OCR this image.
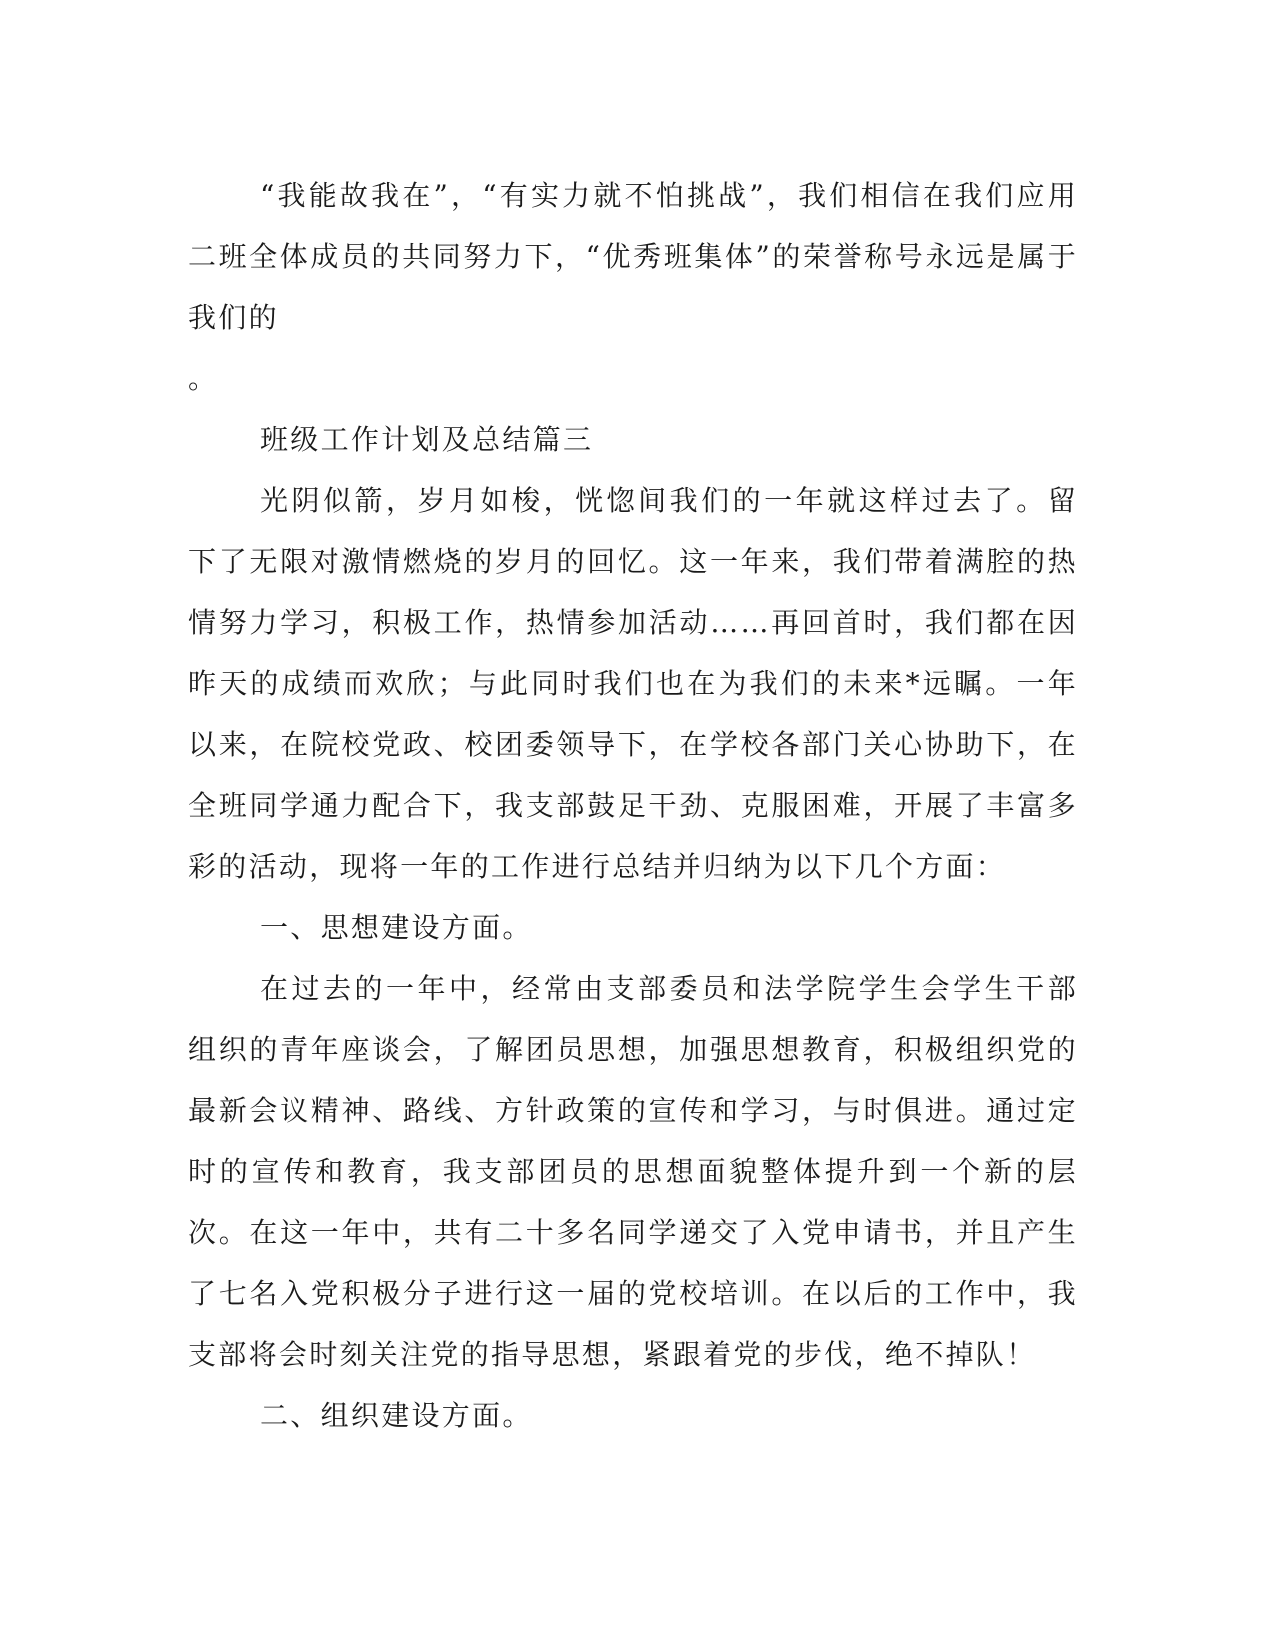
“我能故我在”，“有实力就不怕挑战”，我们相信在我们应用二班全体成员的共同努力下，“优秀班集体”的荣誉称号永远是属于我们的

。

班级工作计划及总结篇三

光阴似箭，岁月如梭，恍惚间我们的一年就这样过去了。留下了无限对激情燃烧的岁月的回忆。这一年来，我们带着满腔的热情努力学习，积极工作，热情参加活动……再回首时，我们都在因昨天的成绩而欢欣；与此同时我们也在为我们的未来*远瞩。一年以来，在院校党政、校团委领导下，在学校各部门关心协助下，在全班同学通力配合下，我支部鼓足干劲、克服困难，开展了丰富多彩的活动，现将一年的工作进行总结并归纳为以下几个方面：

一、思想建设方面。

在过去的一年中，经常由支部委员和法学院学生会学生干部组织的青年座谈会，了解团员思想，加强思想教育，积极组织党的最新会议精神、路线、方针政策的宣传和学习，与时俱进。通过定时的宣传和教育，我支部团员的思想面貌整体提升到一个新的层次。在这一年中，共有二十多名同学递交了入党申请书，并且产生了七名入党积极分子进行这一届的党校培训。在以后的工作中，我支部将会时刻关注党的指导思想，紧跟着党的步伐，绝不掉队！

二、组织建设方面。
